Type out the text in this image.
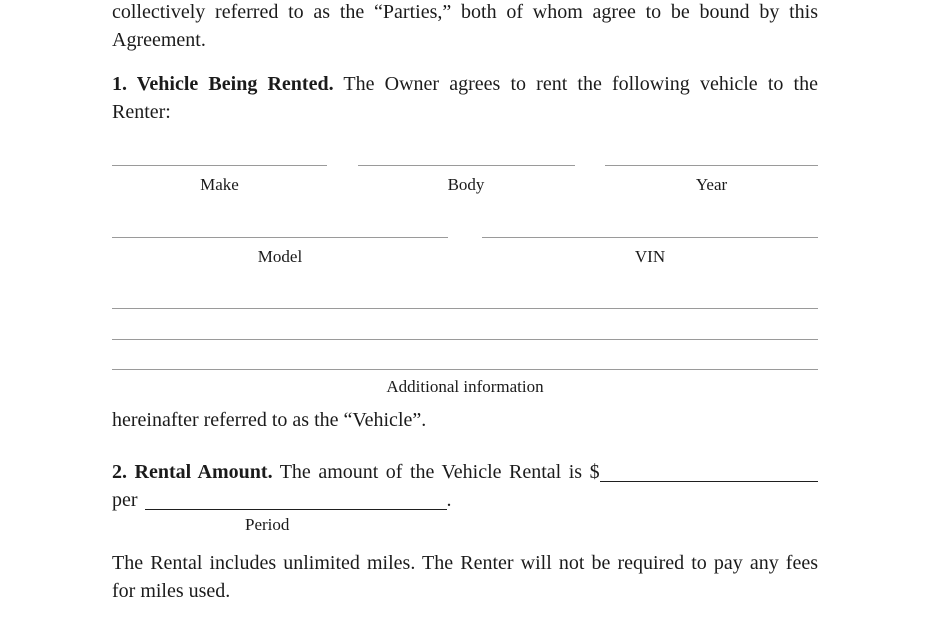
collectively referred to as the “Parties,” both of whom agree to be bound by this
Agreement.
1. Vehicle Being Rented. The Owner agrees to rent the following vehicle to the
Renter:
Make	Body	Year
Model	VIN
Additional information
hereinafter referred to as the “Vehicle”.
2. Rental Amount. The amount of the Vehicle Rental is $
per	.
Period
The Rental includes unlimited miles. The Renter will not be required to pay any fees
for miles used.
